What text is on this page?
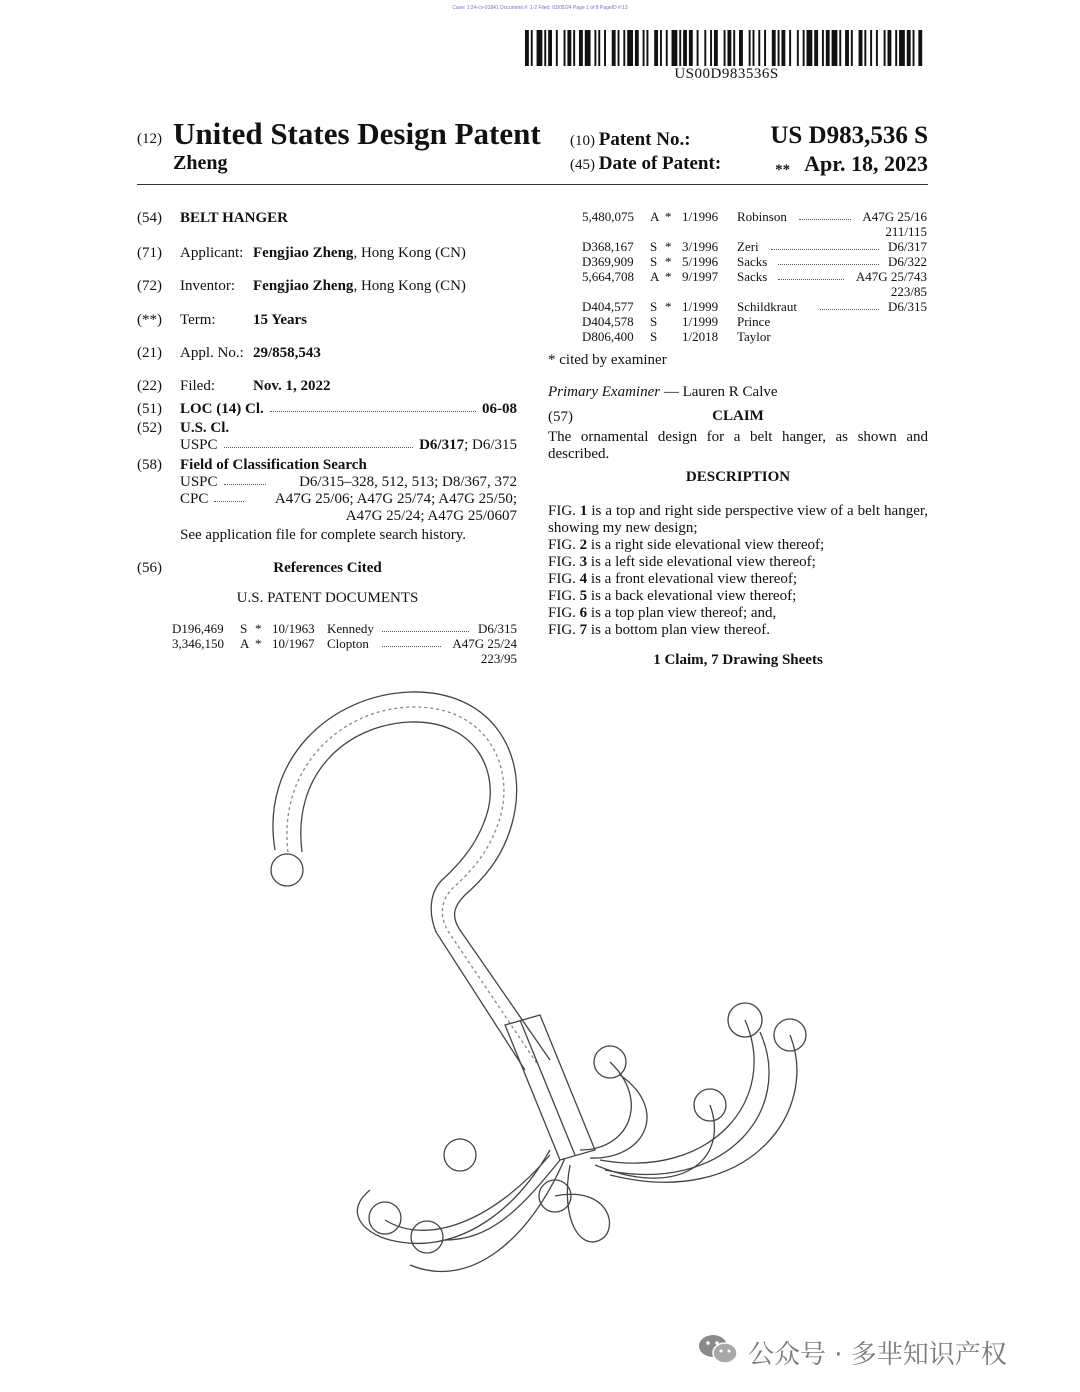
Case: 1:24-cv-01841 Document #: 1-2 Filed: 03/05/24 Page 1 of 8 PageID #:13
US00D983536S
(12) United States Design Patent
Zheng
(10) Patent No.:	US D983,536 S
(45) Date of Patent:	** Apr. 18, 2023
(54) BELT HANGER
(71) Applicant: Fengjiao Zheng, Hong Kong (CN)
(72) Inventor: Fengjiao Zheng, Hong Kong (CN)
(**) Term: 15 Years
(21) Appl. No.: 29/858,543
(22) Filed:	Nov. 1, 2022
(51) LOC (14) Cl.	06-08
(52) U.S. Cl.
USPC	D6/317; D6/315
(58) Field of Classification Search
USPC	D6/315–328, 512, 513; D8/367, 372
CPC	A47G 25/06; A47G 25/74; A47G 25/50;
A47G 25/24; A47G 25/0607
See application file for complete search history.
(56)	References Cited
U.S. PATENT DOCUMENTS
D196,469 S * 10/1963 Kennedy	D6/315
3,346,150 A * 10/1967 Clopton	A47G 25/24
223/95
5,480,075 A * 1/1996 Robinson	A47G 25/16
211/115
D368,167 S * 3/1996 Zeri	D6/317
D369,909 S * 5/1996 Sacks	D6/322
5,664,708 A * 9/1997 Sacks	A47G 25/743
223/85
D404,577 S * 1/1999 Schildkraut	D6/315
D404,578 S 1/1999 Prince
D806,400 S 1/2018 Taylor
* cited by examiner
Primary Examiner — Lauren R Calve
(57)	CLAIM
The ornamental design for a belt hanger, as shown and described.
DESCRIPTION
FIG. 1 is a top and right side perspective view of a belt hanger, showing my new design;
FIG. 2 is a right side elevational view thereof;
FIG. 3 is a left side elevational view thereof;
FIG. 4 is a front elevational view thereof;
FIG. 5 is a back elevational view thereof;
FIG. 6 is a top plan view thereof; and,
FIG. 7 is a bottom plan view thereof.
1 Claim, 7 Drawing Sheets
公众号 · 多芈知识产权
